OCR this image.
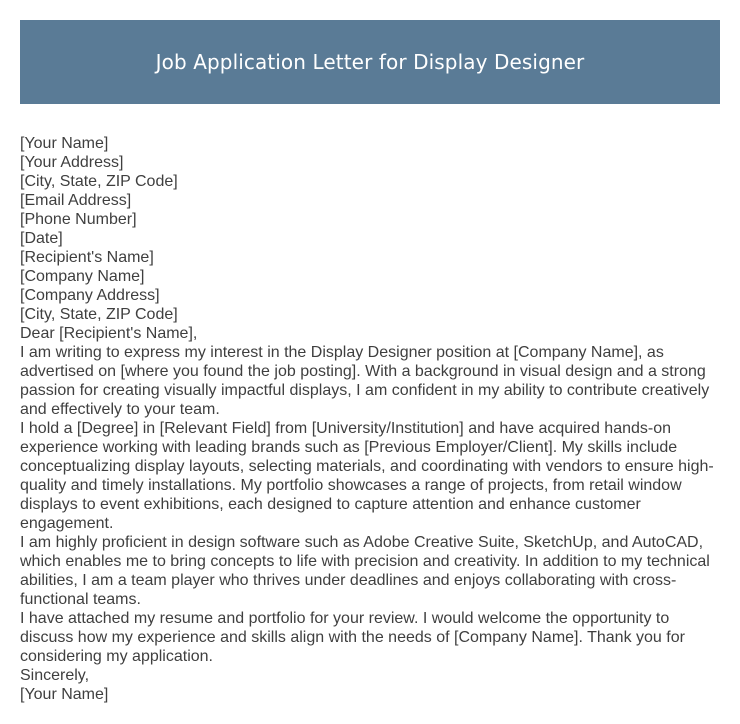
Job Application Letter for Display Designer
[Your Name]
[Your Address]
[City, State, ZIP Code]
[Email Address]
[Phone Number]
[Date]
[Recipient's Name]
[Company Name]
[Company Address]
[City, State, ZIP Code]
Dear [Recipient's Name],

I am writing to express my interest in the Display Designer position at [Company Name], as advertised on [where you found the job posting]. With a background in visual design and a strong passion for creating visually impactful displays, I am confident in my ability to contribute creatively and effectively to your team.

I hold a [Degree] in [Relevant Field] from [University/Institution] and have acquired hands-on experience working with leading brands such as [Previous Employer/Client]. My skills include conceptualizing display layouts, selecting materials, and coordinating with vendors to ensure high-quality and timely installations. My portfolio showcases a range of projects, from retail window displays to event exhibitions, each designed to capture attention and enhance customer engagement.

I am highly proficient in design software such as Adobe Creative Suite, SketchUp, and AutoCAD, which enables me to bring concepts to life with precision and creativity. In addition to my technical abilities, I am a team player who thrives under deadlines and enjoys collaborating with cross-functional teams.

I have attached my resume and portfolio for your review. I would welcome the opportunity to discuss how my experience and skills align with the needs of [Company Name]. Thank you for considering my application.

Sincerely,
[Your Name]
